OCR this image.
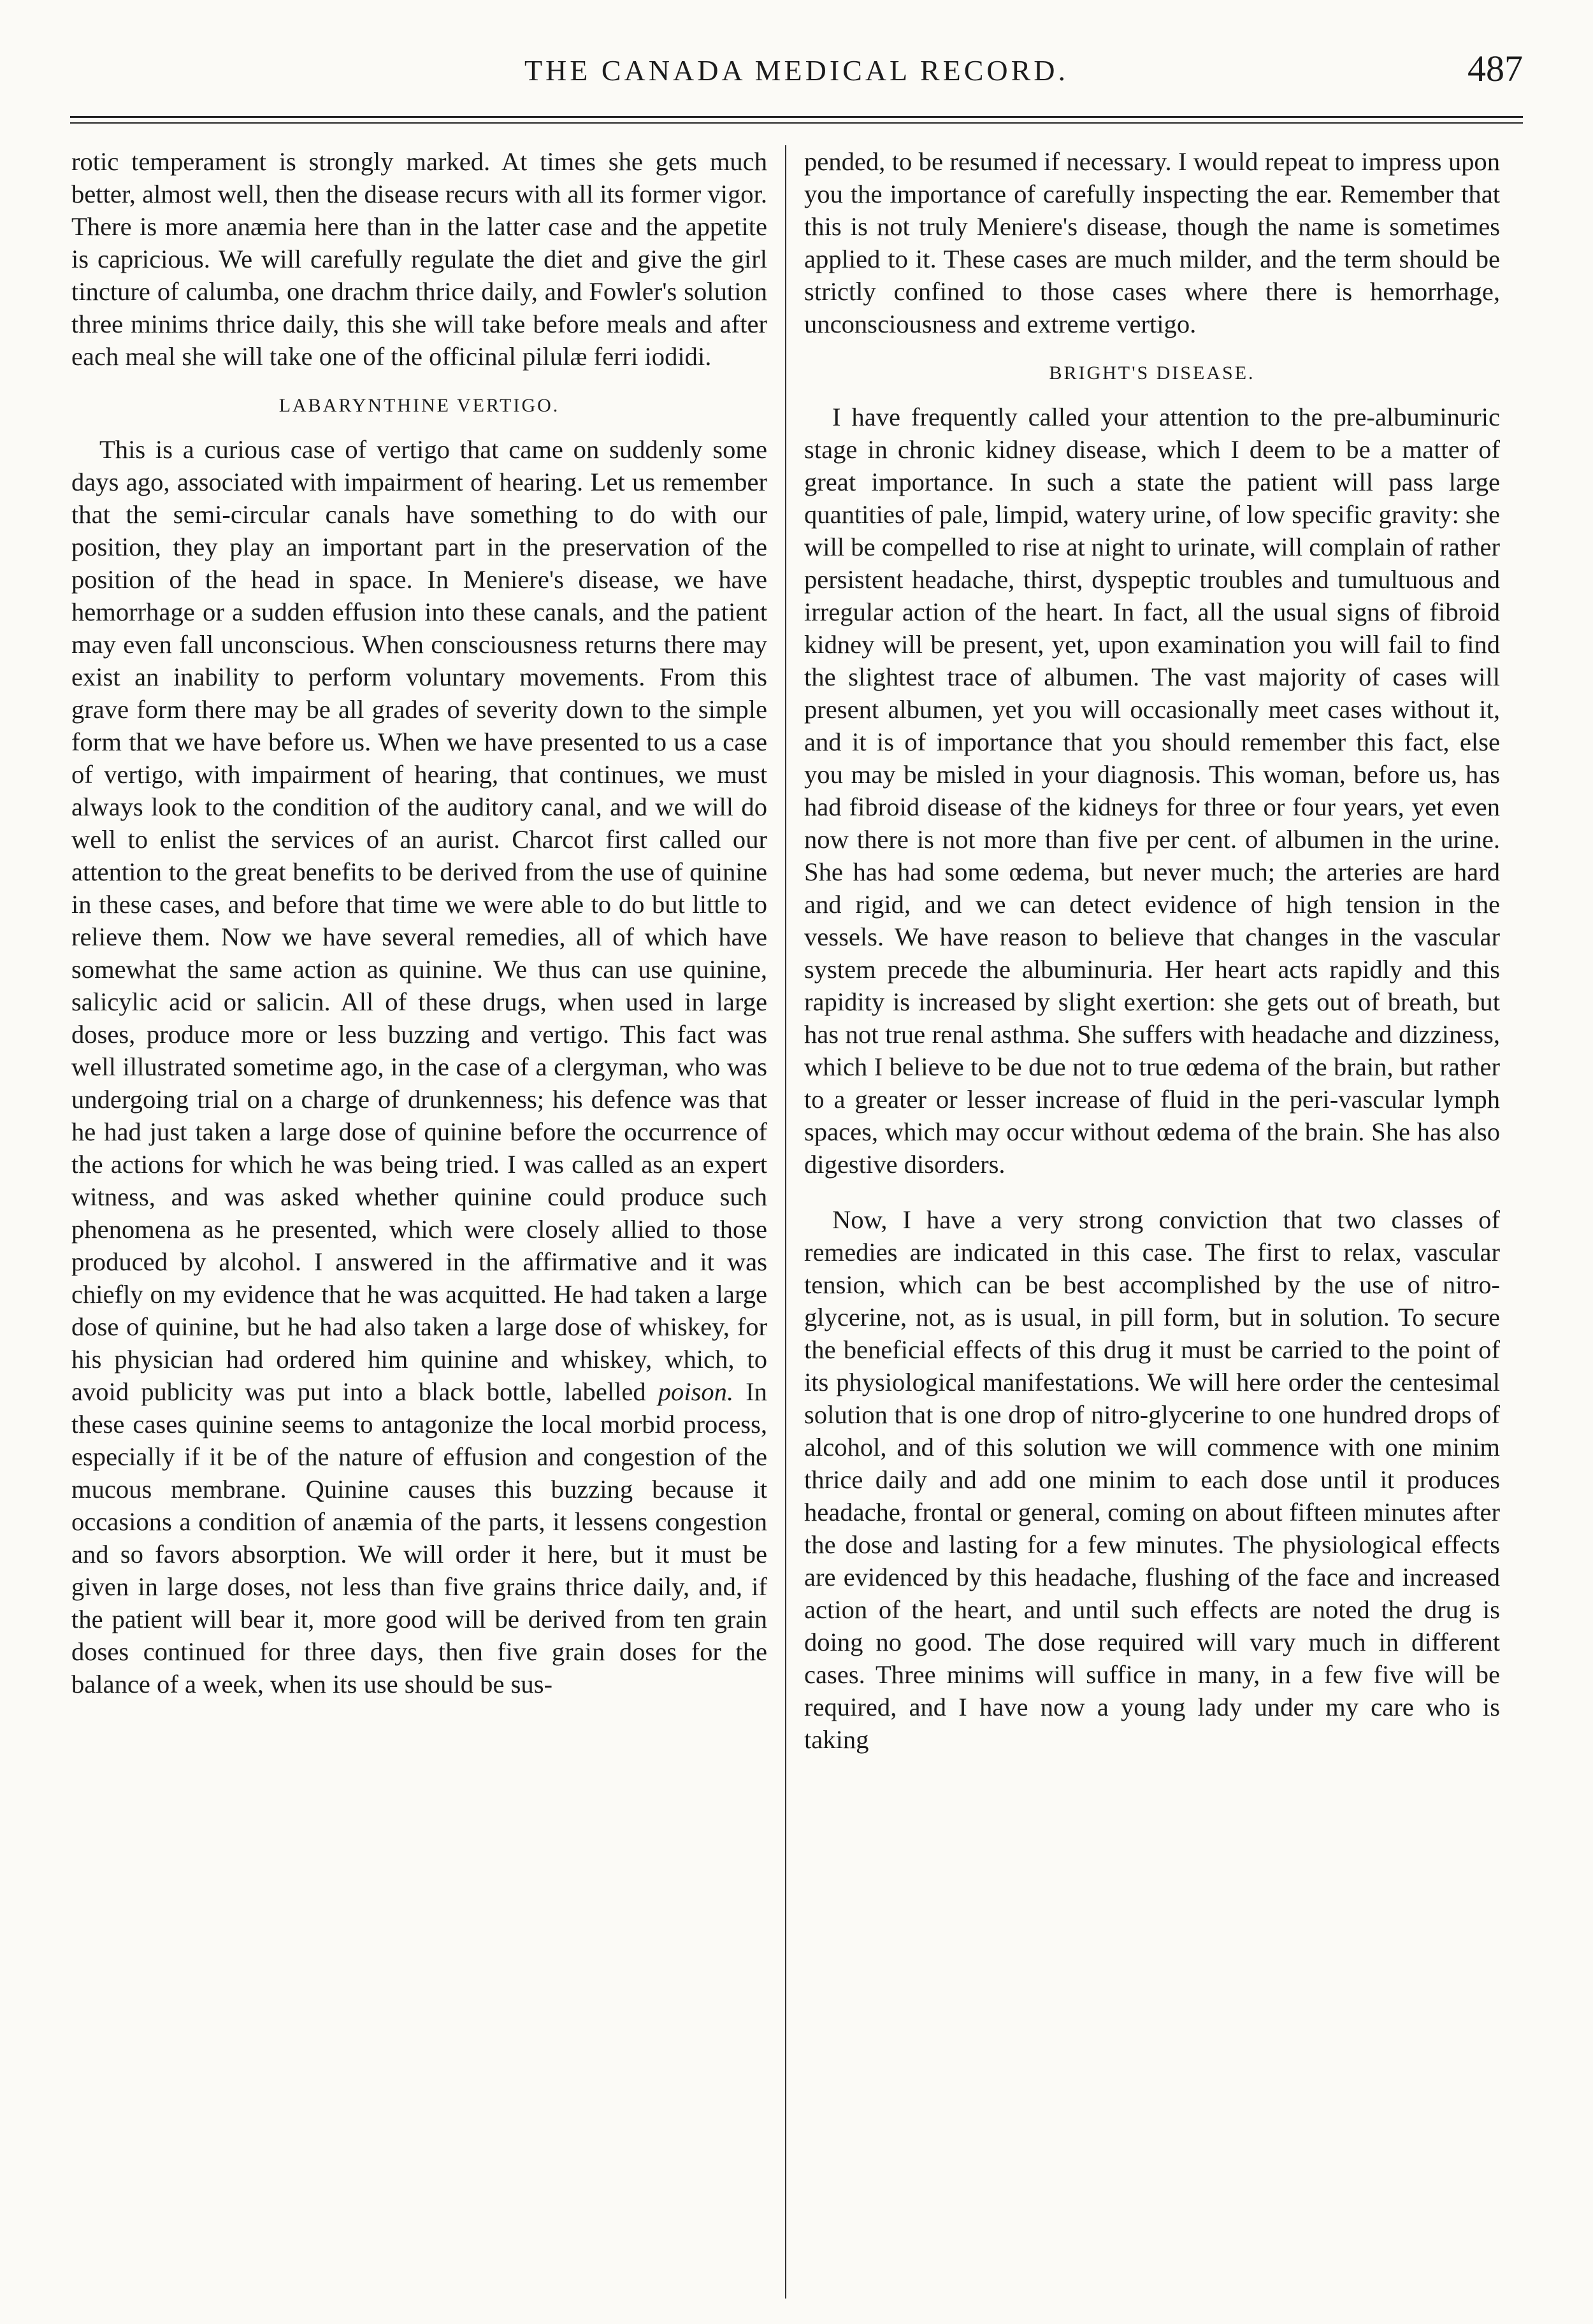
THE CANADA MEDICAL RECORD.	487

rotic temperament is strongly marked. At times she gets much better, almost well, then the disease recurs with all its former vigor. There is more anæmia here than in the latter case and the appetite is capricious. We will carefully regulate the diet and give the girl tincture of calumba, one drachm thrice daily, and Fowler's solution three minims thrice daily, this she will take before meals and after each meal she will take one of the officinal pilulæ ferri iodidi.

LABARYNTHINE VERTIGO.

This is a curious case of vertigo that came on suddenly some days ago, associated with impairment of hearing. Let us remember that the semi-circular canals have something to do with our position, they play an important part in the preservation of the position of the head in space. In Meniere's disease, we have hemorrhage or a sudden effusion into these canals, and the patient may even fall unconscious. When consciousness returns there may exist an inability to perform voluntary movements. From this grave form there may be all grades of severity down to the simple form that we have before us. When we have presented to us a case of vertigo, with impairment of hearing, that continues, we must always look to the condition of the auditory canal, and we will do well to enlist the services of an aurist. Charcot first called our attention to the great benefits to be derived from the use of quinine in these cases, and before that time we were able to do but little to relieve them. Now we have several remedies, all of which have somewhat the same action as quinine. We thus can use quinine, salicylic acid or salicin. All of these drugs, when used in large doses, produce more or less buzzing and vertigo. This fact was well illustrated sometime ago, in the case of a clergyman, who was undergoing trial on a charge of drunkenness; his defence was that he had just taken a large dose of quinine before the occurrence of the actions for which he was being tried. I was called as an expert witness, and was asked whether quinine could produce such phenomena as he presented, which were closely allied to those produced by alcohol. I answered in the affirmative and it was chiefly on my evidence that he was acquitted. He had taken a large dose of quinine, but he had also taken a large dose of whiskey, for his physician had ordered him quinine and whiskey, which, to avoid publicity was put into a black bottle, labelled poison. In these cases quinine seems to antagonize the local morbid process, especially if it be of the nature of effusion and congestion of the mucous membrane. Quinine causes this buzzing because it occasions a condition of anæmia of the parts, it lessens congestion and so favors absorption. We will order it here, but it must be given in large doses, not less than five grains thrice daily, and, if the patient will bear it, more good will be derived from ten grain doses continued for three days, then five grain doses for the balance of a week, when its use should be sus-

pended, to be resumed if necessary. I would repeat to impress upon you the importance of carefully inspecting the ear. Remember that this is not truly Meniere's disease, though the name is sometimes applied to it. These cases are much milder, and the term should be strictly confined to those cases where there is hemorrhage, unconsciousness and extreme vertigo.

BRIGHT'S DISEASE.

I have frequently called your attention to the pre-albuminuric stage in chronic kidney disease, which I deem to be a matter of great importance. In such a state the patient will pass large quantities of pale, limpid, watery urine, of low specific gravity: she will be compelled to rise at night to urinate, will complain of rather persistent headache, thirst, dyspeptic troubles and tumultuous and irregular action of the heart. In fact, all the usual signs of fibroid kidney will be present, yet, upon examination you will fail to find the slightest trace of albumen. The vast majority of cases will present albumen, yet you will occasionally meet cases without it, and it is of importance that you should remember this fact, else you may be misled in your diagnosis. This woman, before us, has had fibroid disease of the kidneys for three or four years, yet even now there is not more than five per cent. of albumen in the urine. She has had some œdema, but never much; the arteries are hard and rigid, and we can detect evidence of high tension in the vessels. We have reason to believe that changes in the vascular system precede the albuminuria. Her heart acts rapidly and this rapidity is increased by slight exertion: she gets out of breath, but has not true renal asthma. She suffers with headache and dizziness, which I believe to be due not to true œdema of the brain, but rather to a greater or lesser increase of fluid in the peri-vascular lymph spaces, which may occur without œdema of the brain. She has also digestive disorders.

Now, I have a very strong conviction that two classes of remedies are indicated in this case. The first to relax, vascular tension, which can be best accomplished by the use of nitro-glycerine, not, as is usual, in pill form, but in solution. To secure the beneficial effects of this drug it must be carried to the point of its physiological manifestations. We will here order the centesimal solution that is one drop of nitro-glycerine to one hundred drops of alcohol, and of this solution we will commence with one minim thrice daily and add one minim to each dose until it produces headache, frontal or general, coming on about fifteen minutes after the dose and lasting for a few minutes. The physiological effects are evidenced by this headache, flushing of the face and increased action of the heart, and until such effects are noted the drug is doing no good. The dose required will vary much in different cases. Three minims will suffice in many, in a few five will be required, and I have now a young lady under my care who is taking
